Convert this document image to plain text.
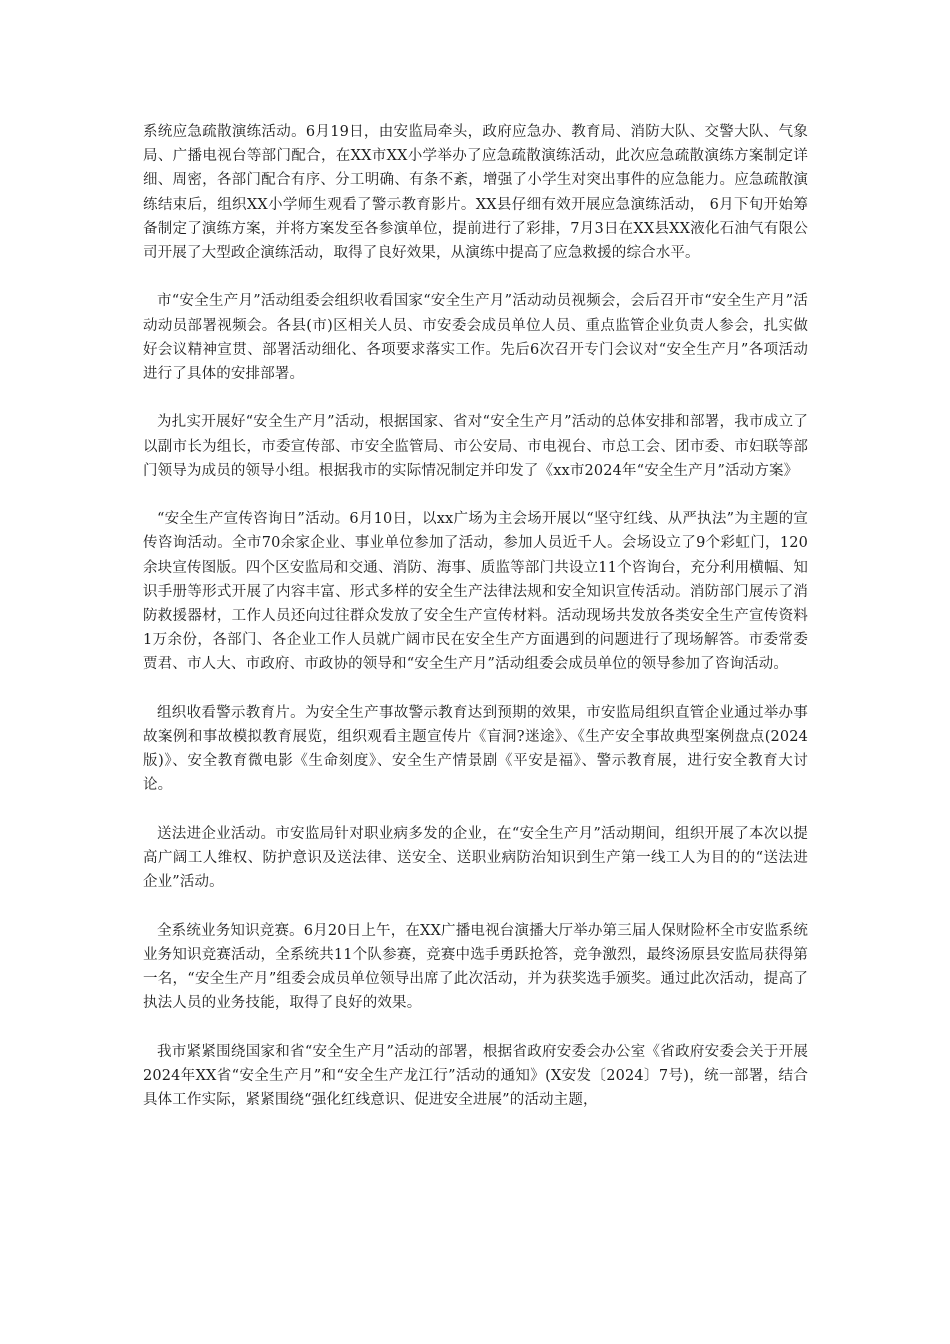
系统应急疏散演练活动。6月19日，由安监局牵头，政府应急办、教育局、消防大队、交警大队、气象局、广播电视台等部门配合，在XX市XX小学举办了应急疏散演练活动，此次应急疏散演练方案制定详细、周密，各部门配合有序、分工明确、有条不紊，增强了小学生对突出事件的应急能力。应急疏散演练结束后，组织XX小学师生观看了警示教育影片。XX县仔细有效开展应急演练活动， 6月下旬开始筹备制定了演练方案，并将方案发至各参演单位，提前进行了彩排，7月3日在XX县XX液化石油气有限公司开展了大型政企演练活动，取得了良好效果，从演练中提高了应急救援的综合水平。

市“安全生产月”活动组委会组织收看国家“安全生产月”活动动员视频会，会后召开市“安全生产月”活动动员部署视频会。各县(市)区相关人员、市安委会成员单位人员、重点监管企业负责人参会，扎实做好会议精神宣贯、部署活动细化、各项要求落实工作。先后6次召开专门会议对“安全生产月”各项活动进行了具体的安排部署。

为扎实开展好“安全生产月”活动，根据国家、省对“安全生产月”活动的总体安排和部署，我市成立了以副市长为组长，市委宣传部、市安全监管局、市公安局、市电视台、市总工会、团市委、市妇联等部门领导为成员的领导小组。根据我市的实际情况制定并印发了《xx市2024年“安全生产月”活动方案》

“安全生产宣传咨询日”活动。6月10日，以xx广场为主会场开展以“坚守红线、从严执法”为主题的宣传咨询活动。全市70余家企业、事业单位参加了活动，参加人员近千人。会场设立了9个彩虹门，120余块宣传图版。四个区安监局和交通、消防、海事、质监等部门共设立11个咨询台，充分利用横幅、知识手册等形式开展了内容丰富、形式多样的安全生产法律法规和安全知识宣传活动。消防部门展示了消防救援器材，工作人员还向过往群众发放了安全生产宣传材料。活动现场共发放各类安全生产宣传资料1万余份，各部门、各企业工作人员就广阔市民在安全生产方面遇到的问题进行了现场解答。市委常委贾君、市人大、市政府、市政协的领导和“安全生产月”活动组委会成员单位的领导参加了咨询活动。

组织收看警示教育片。为安全生产事故警示教育达到预期的效果，市安监局组织直管企业通过举办事故案例和事故模拟教育展览，组织观看主题宣传片《盲洞?迷途》、《生产安全事故典型案例盘点(2024版)》、安全教育微电影《生命刻度》、安全生产情景剧《平安是福》、警示教育展，进行安全教育大讨论。

送法进企业活动。市安监局针对职业病多发的企业，在“安全生产月”活动期间，组织开展了本次以提高广阔工人维权、防护意识及送法律、送安全、送职业病防治知识到生产第一线工人为目的的“送法进企业”活动。

全系统业务知识竞赛。6月20日上午，在XX广播电视台演播大厅举办第三届人保财险杯全市安监系统业务知识竞赛活动，全系统共11个队参赛，竞赛中选手勇跃抢答，竞争激烈，最终汤原县安监局获得第一名，“安全生产月”组委会成员单位领导出席了此次活动，并为获奖选手颁奖。通过此次活动，提高了执法人员的业务技能，取得了良好的效果。

我市紧紧围绕国家和省“安全生产月”活动的部署，根据省政府安委会办公室《省政府安委会关于开展2024年XX省“安全生产月”和“安全生产龙江行”活动的通知》(X安发〔2024〕7号)，统一部署，结合具体工作实际，紧紧围绕“强化红线意识、促进安全进展”的活动主题，
